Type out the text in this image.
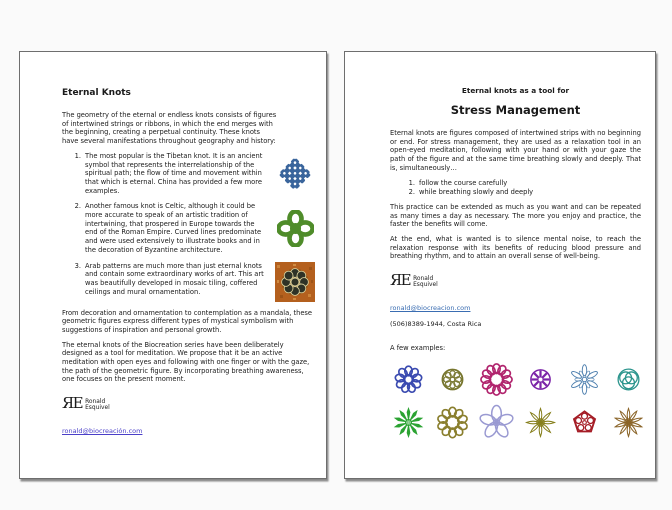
Eternal Knots
The geometry of the eternal or endless knots consists of figures of intertwined strings or ribbons, in which the end merges with the beginning, creating a perpetual continuity. These knots have several manifestations throughout geography and history:
1. The most popular is the Tibetan knot. It is an ancient symbol that represents the interrelationship of the spiritual path; the flow of time and movement within that which is eternal. China has provided a few more examples.
2. Another famous knot is Celtic, although it could be more accurate to speak of an artistic tradition of intertwining, that prospered in Europe towards the end of the Roman Empire. Curved lines predominate and were used extensively to illustrate books and in the decoration of Byzantine architecture.
3. Arab patterns are much more than just eternal knots and contain some extraordinary works of art. This art was beautifully developed in mosaic tiling, coffered ceilings and mural ornamentation.
From decoration and ornamentation to contemplation as a mandala, these geometric figures express different types of mystical symbolism with suggestions of inspiration and personal growth.
The eternal knots of the Biocreation series have been deliberately designed as a tool for meditation. We propose that it be an active meditation with open eyes and following with one finger or with the gaze, the path of the geometric figure. By incorporating breathing awareness, one focuses on the present moment.
ЯE Ronald
Esquivel
ronald@biocreación.com
Eternal knots as a tool for
Stress Management
Eternal knots are figures composed of intertwined strips with no beginning or end. For stress management, they are used as a relaxation tool in an open-eyed meditation, following with your hand or with your gaze the path of the figure and at the same time breathing slowly and deeply. That is, simultaneously…
1. follow the course carefully
2. while breathing slowly and deeply
This practice can be extended as much as you want and can be repeated as many times a day as necessary. The more you enjoy and practice, the faster the benefits will come.
At the end, what is wanted is to silence mental noise, to reach the relaxation response with its benefits of reducing blood pressure and breathing rhythm, and to attain an overall sense of well-being.
ЯE Ronald
Esquivel
ronald@biocreacion.com
(506)8389-1944, Costa Rica
A few examples:
